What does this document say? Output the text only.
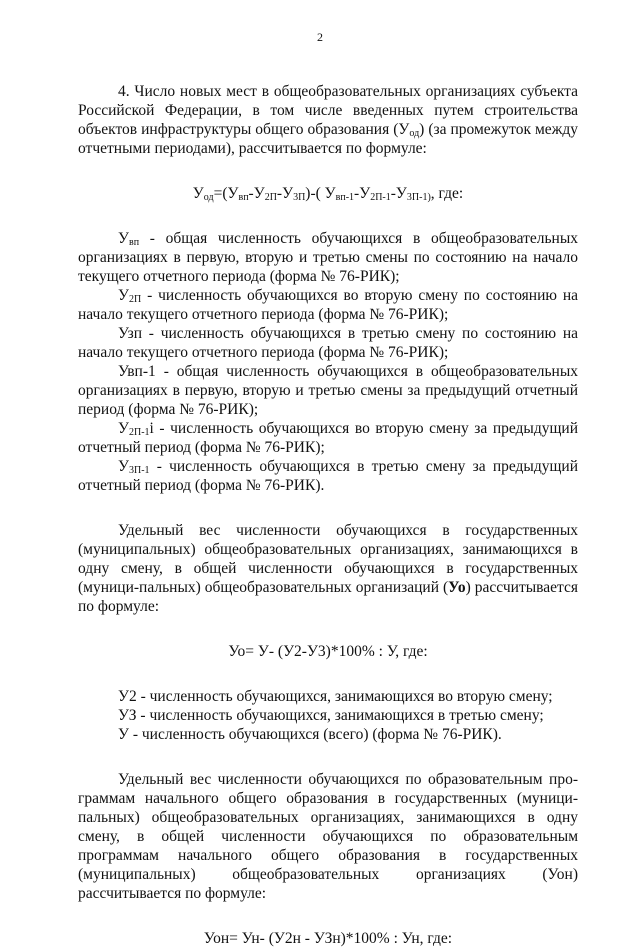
2

4. Число новых мест в общеобразовательных организациях субъекта Российской Федерации, в том числе введенных путем строительства объектов инфраструктуры общего образования $(У_{од})$ (за промежуток между отчетными периодами), рассчитывается по формуле:

$У_{од}=(У_{вп}-У_{2П}-У_{3П})-$( $У_{вп-1}-У_{2П-1}-У_{3П-1)}$, где:

$У_{вп}$ - общая численность обучающихся в общеобразовательных организациях в первую, вторую и третью смены по состоянию на начало текущего отчетного периода (форма № 76-РИК);

$У_{2П}$ - численность обучающихся во вторую смену по состоянию на начало текущего отчетного периода (форма № 76-РИК);

Узп - численность обучающихся в третью смену по состоянию на начало текущего отчетного периода (форма № 76-РИК);

Увп-1 - общая численность обучающихся в общеобразовательных организациях в первую, вторую и третью смены за предыдущий отчетный период (форма № 76-РИК);

$У_{2П-1}i$ - численность обучающихся во вторую смену за предыдущий отчетный период (форма № 76-РИК);

$У_{3П-1}$ - численность обучающихся в третью смену за предыдущий отчетный период (форма № 76-РИК).

Удельный вес численности обучающихся в государственных (муниципальных) общеобразовательных организациях, занимающихся в одну смену, в общей численности обучающихся в государственных (муници-пальных) общеобразовательных организаций (Уо) рассчитывается по формуле:

Уо= У- (У2-У3)*100% : У, где:

У2 - численность обучающихся, занимающихся во вторую смену;

УЗ - численность обучающихся, занимающихся в третью смену;

У - численность обучающихся (всего) (форма № 76-РИК).

Удельный вес численности обучающихся по образовательным про-граммам начального общего образования в государственных (муници-пальных) общеобразовательных организациях, занимающихся в одну смену, в общей численности обучающихся по образовательным программам начального общего образования в государственных (муниципальных) общеобразовательных организациях (Уон) рассчитывается по формуле:

Уон= Ун- (У2н - УЗн)*100% : Ун, где:
